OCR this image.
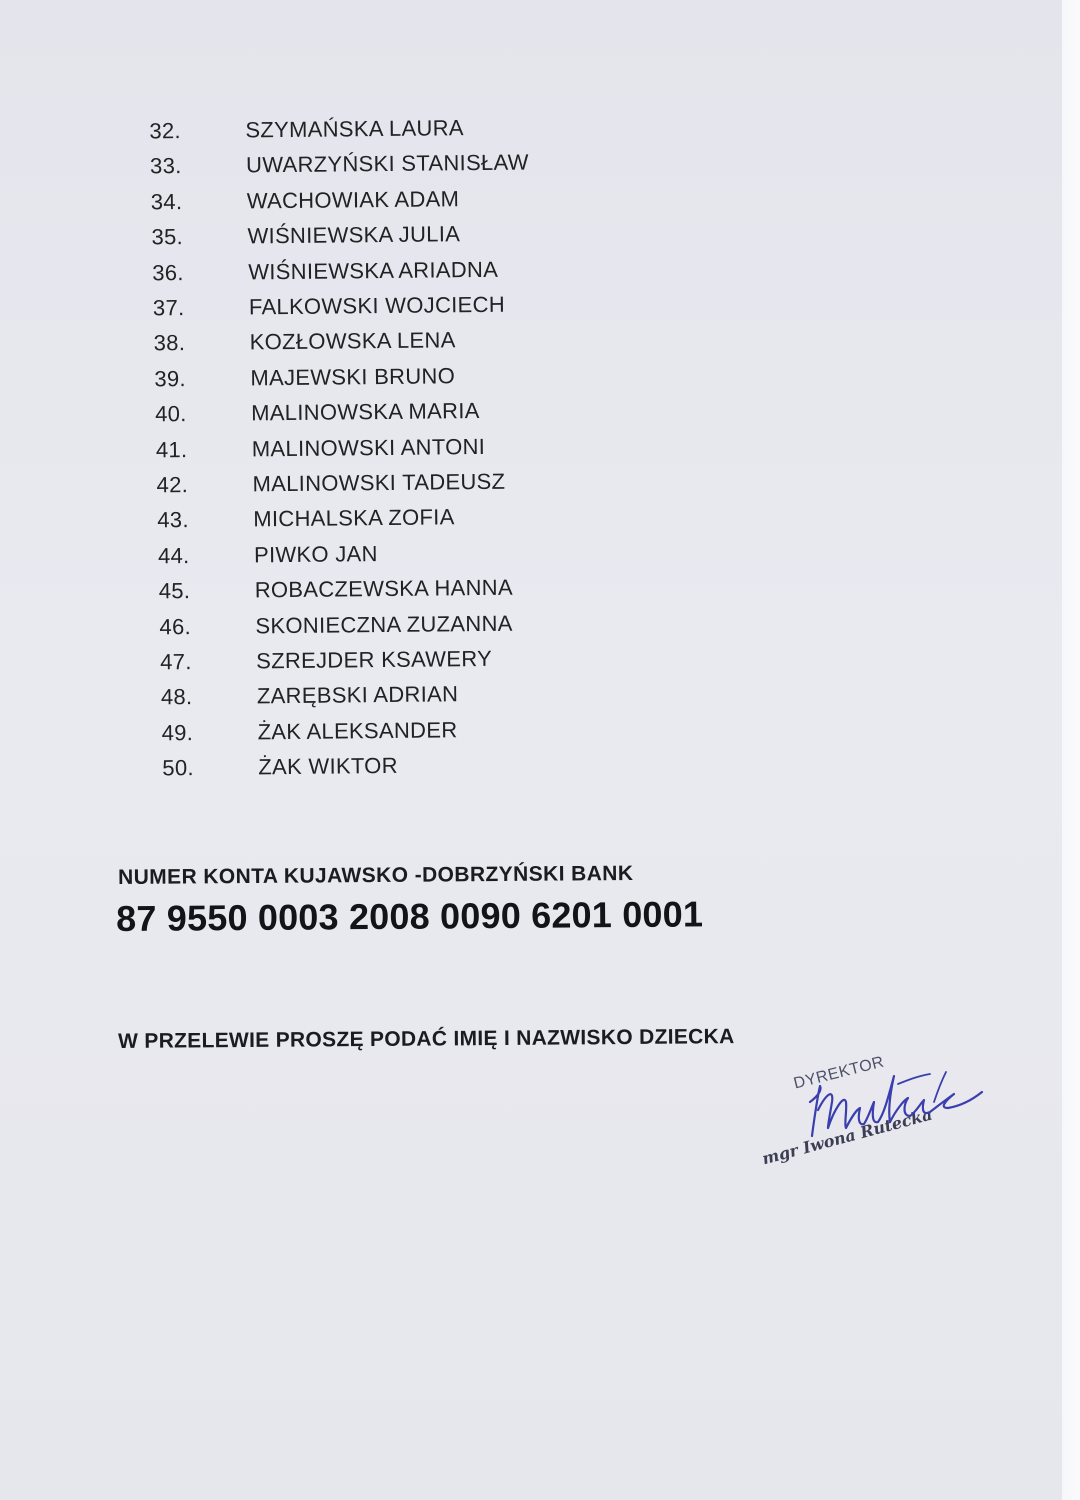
32.	SZYMAŃSKA LAURA
33.	UWARZYŃSKI STANISŁAW
34.	WACHOWIAK ADAM
35.	WIŚNIEWSKA JULIA
36.	WIŚNIEWSKA ARIADNA
37.	FALKOWSKI WOJCIECH
38.	KOZŁOWSKA LENA
39.	MAJEWSKI BRUNO
40.	MALINOWSKA MARIA
41.	MALINOWSKI ANTONI
42.	MALINOWSKI TADEUSZ
43.	MICHALSKA ZOFIA
44.	PIWKO JAN
45.	ROBACZEWSKA HANNA
46.	SKONIECZNA ZUZANNA
47.	SZREJDER KSAWERY
48.	ZARĘBSKI ADRIAN
49.	ŻAK ALEKSANDER
50.	ŻAK WIKTOR
NUMER KONTA KUJAWSKO -DOBRZYŃSKI BANK
87 9550 0003 2008 0090 6201 0001
W PRZELEWIE PROSZĘ PODAĆ IMIĘ I NAZWISKO DZIECKA
DYREKTOR
mgr Iwona Rutecka
